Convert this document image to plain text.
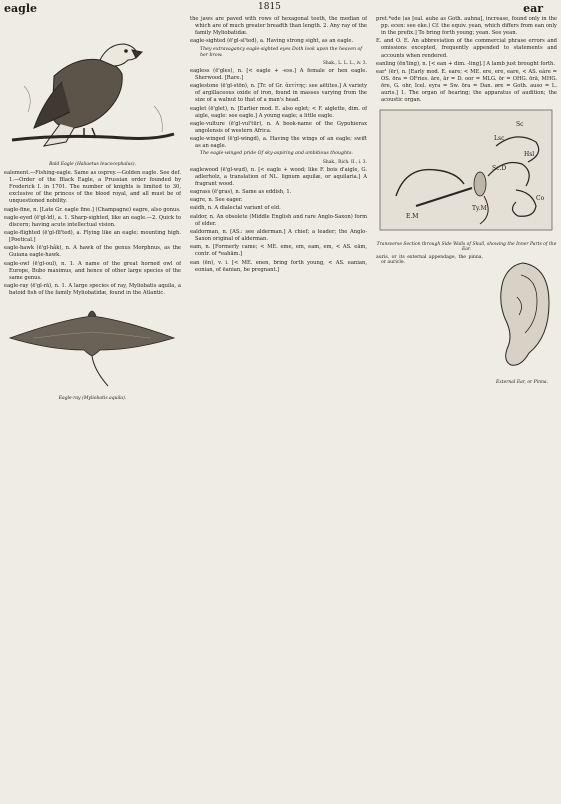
eagle	1815	ear
Bald Eagle (Haliaetus leucocephalus).

ealement.—Fishing-eagle. Same as osprey.—Golden eagle. See def. 1.—Order of the Black Eagle, a Prussian order founded by Frederick I. in 1701. The number of knights is limited to 30, exclusive of the princes of the blood royal, and all must be of unquestioned nobility.

eagle-fine, n. [Late Gr. eagle fine.] (Champagne) eagre, also gonus.

eagle-eyed (ē'gl-īd), a. 1. Sharp-sighted, like an eagle.—2. Quick to discern; having acute intellectual vision.

eagle-flighted (ē'gl-flī'ted), a. Flying like an eagle; mounting high. [Poetical.]

eagle-hawk (ē'gl-hâk), n. A hawk of the genus Morphnus, as the Guiana eagle-hawk.

eagle-owl (ē'gl-oul), n. 1. A name of the great horned owl of Europe, Bubo maximus, and hence of other large species of the same genus.

eagle-ray (ē'gl-rā), n. 1. A large species of ray, Myliobatis aquila, a batoid fish of the family Myliobatidæ, found in the Atlantic.

Eagle-ray (Myliobatis aquila).

the jaws are paved with rows of hexagonal teeth, the median of which are of much greater breadth than length. 2. Any ray of the family Myliobatidæ.

eagle-sighted (ē'gl-sī'ted), a. Having strong sight, as an eagle.

They extravagancy eagle-sighted eyes Doth look upon the heaven of her brow.
Shak., L. L. L., iv. 3.

eagless (ē'gles), n. [< eagle + -ess.] A female or hen eagle. Sherwood. [Rare.]

eaglestone (ē'gl-stōn), n. [Tr. of Gr. ἀετίτης: see aëtites.] A variety of argillaceous oxide of iron, found in masses varying from the size of a walnut to that of a man's head.

eaglet (ē'glet), n. [Earlier mod. E. also eglet; < F. aiglette, dim. of aigle, eagle: see eagle.] A young eagle; a little eagle.

eagle-vulture (ē'gl-vul'tūr), n. A book-name of the Gypohierax angolensis of western Africa.

eagle-winged (ē'gl-wingd), a. Having the wings of an eagle; swift as an eagle.

The eagle-winged pride Of sky-aspiring and ambitious thoughts.
Shak., Rich. II., i. 3.

eaglewood (ē'gl-wụd), n. [< eagle + wood; like F. bois d'aigle, G. adlerholz, a translation of NL. lignum aquilæ, or aquilaria.] A fragrant wood.

eagrass (ē'gras), n. Same as eddish, 1.

eagre, n. See eager.

eaidh, n. A dialectal variant of eld.

ealdor, n. An obsolete (Middle English and rare Anglo-Saxon) form of elder.

ealdorman, n. [AS.: see alderman.] A chief; a leader; the Anglo-Saxon original of alderman.

eam, n. [Formerly came; < ME. eme, em, eam, em, < AS. eām, contr. of *eahām.]

ean (ēn), v. i. [< ME. enen, bring forth young, < AS. eanian, eonian, of ēanian, be pregnant.]

pret.*ede (as [eal. auhe as Goth. auhna], increase, found only in the pp. ecen: see eke.) Cf. the equiv. yean, which differs from ean only in the prefix.] To bring forth young; yean. See yean.

E. and O. E. An abbreviation of the commercial phrase errors and omissions excepted, frequently appended to statements and accounts when rendered.

eanling (ēn'ling), n. [< ean + dim. -ling].] A lamb just brought forth.

ear¹ (ēr), n. [Early mod. E. eare; < ME. ere, ere, eare, < AS. eáre = OS. ōra = OFries. āre, ār = D. oor = MLG. ōr = OHG. ōrā, MHG. ōre, G. ohr, Icel. eyra = Sw. öra = Dan. øre = Goth. auso = L. auris.] 1. The organ of hearing; the apparatus of audition; the acoustic organ.

Sc
Lsc
Hsl
Co
Ty.M
Sc.D
E.M
Transverse Section through Side Walls of Skull, showing the Inner Parts of the Ear.
External Ear, or Pinna.

auris, or its external appendage, the pinna, or auricle.
